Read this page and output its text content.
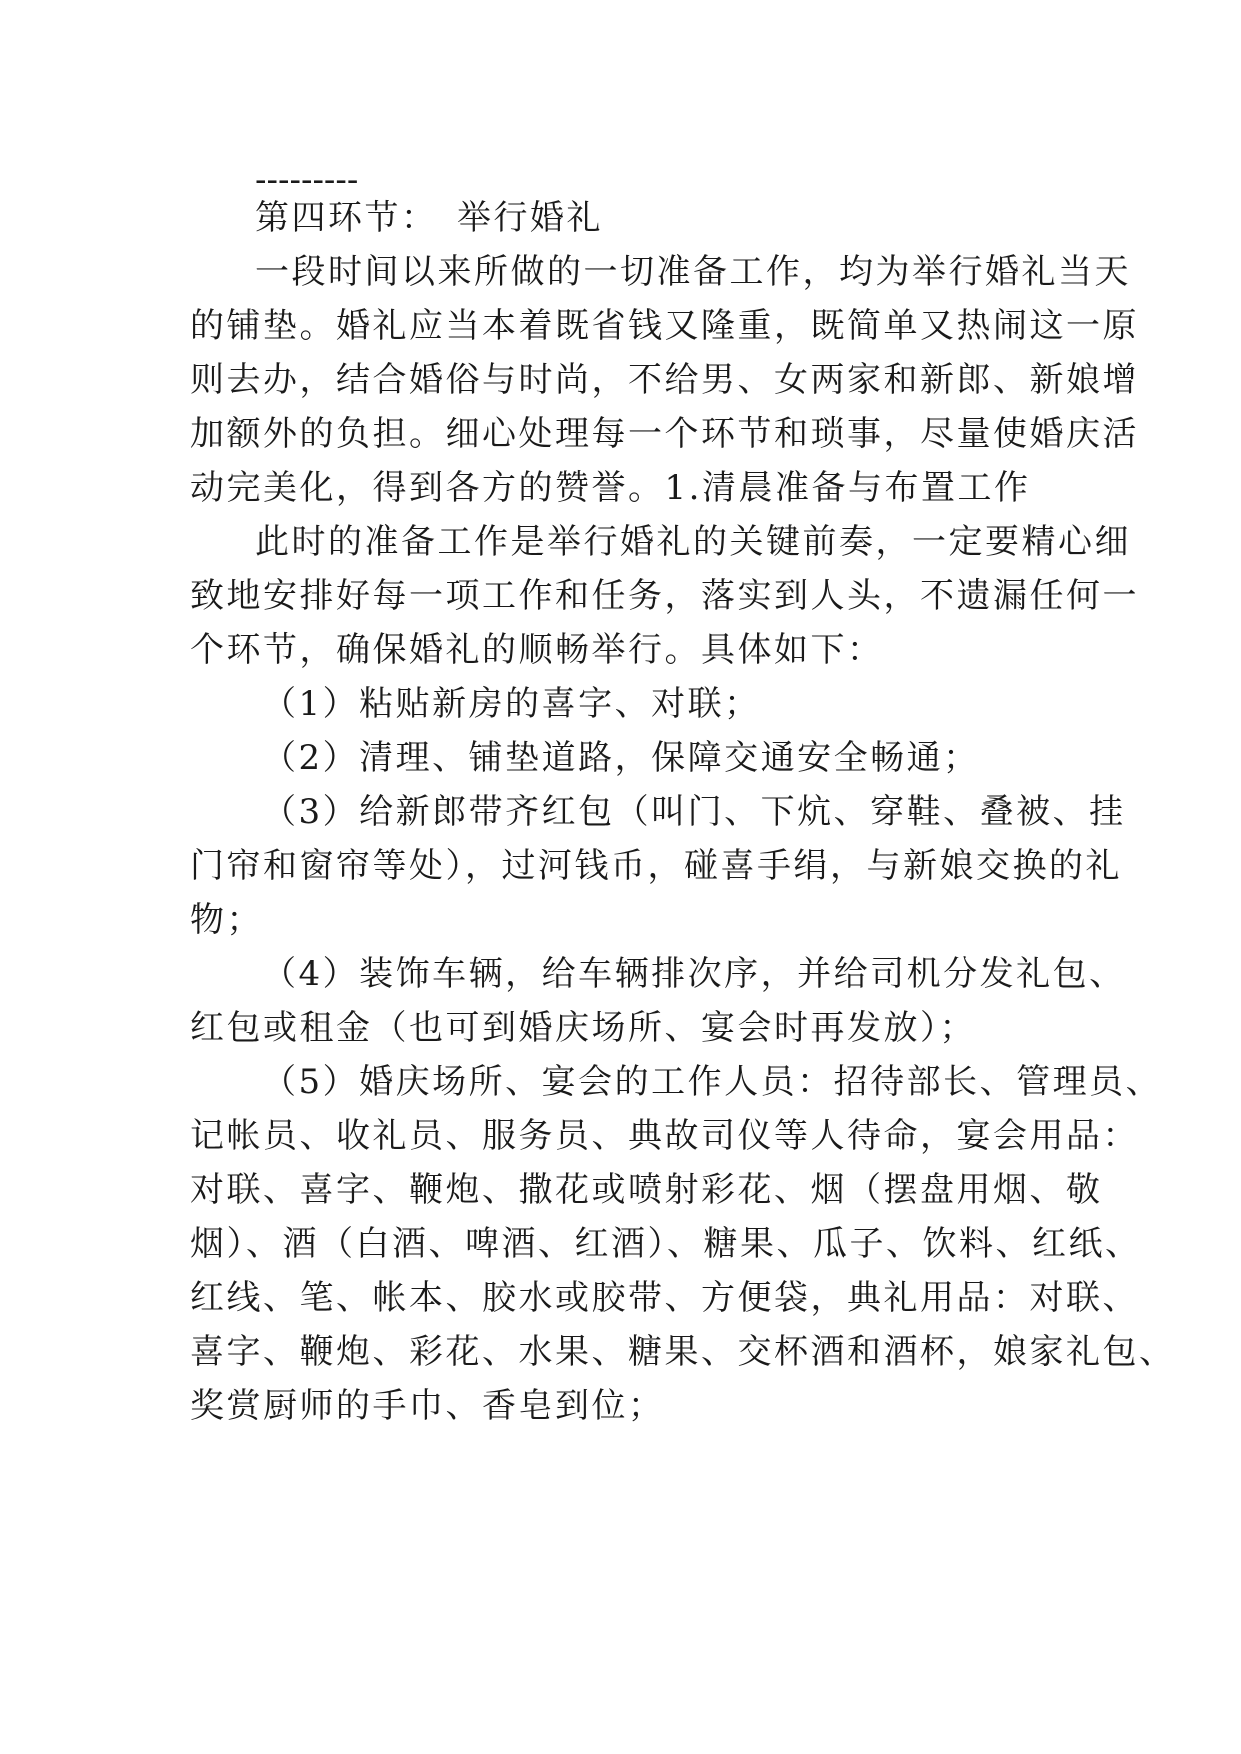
---------
第四环节：　举行婚礼
一段时间以来所做的一切准备工作，均为举行婚礼当天
的铺垫。婚礼应当本着既省钱又隆重，既简单又热闹这一原
则去办，结合婚俗与时尚，不给男、女两家和新郎、新娘增
加额外的负担。细心处理每一个环节和琐事，尽量使婚庆活
动完美化，得到各方的赞誉。1.清晨准备与布置工作
此时的准备工作是举行婚礼的关键前奏，一定要精心细
致地安排好每一项工作和任务，落实到人头，不遗漏任何一
个环节，确保婚礼的顺畅举行。具体如下：
（1）粘贴新房的喜字、对联；
（2）清理、铺垫道路，保障交通安全畅通；
（3）给新郎带齐红包（叫门、下炕、穿鞋、叠被、挂
门帘和窗帘等处），过河钱币，碰喜手绢，与新娘交换的礼
物；
（4）装饰车辆，给车辆排次序，并给司机分发礼包、
红包或租金（也可到婚庆场所、宴会时再发放）；
（5）婚庆场所、宴会的工作人员：招待部长、管理员、
记帐员、收礼员、服务员、典故司仪等人待命，宴会用品：
对联、喜字、鞭炮、撒花或喷射彩花、烟（摆盘用烟、敬
烟）、酒（白酒、啤酒、红酒）、糖果、瓜子、饮料、红纸、
红线、笔、帐本、胶水或胶带、方便袋，典礼用品：对联、
喜字、鞭炮、彩花、水果、糖果、交杯酒和酒杯，娘家礼包、
奖赏厨师的手巾、香皂到位；
